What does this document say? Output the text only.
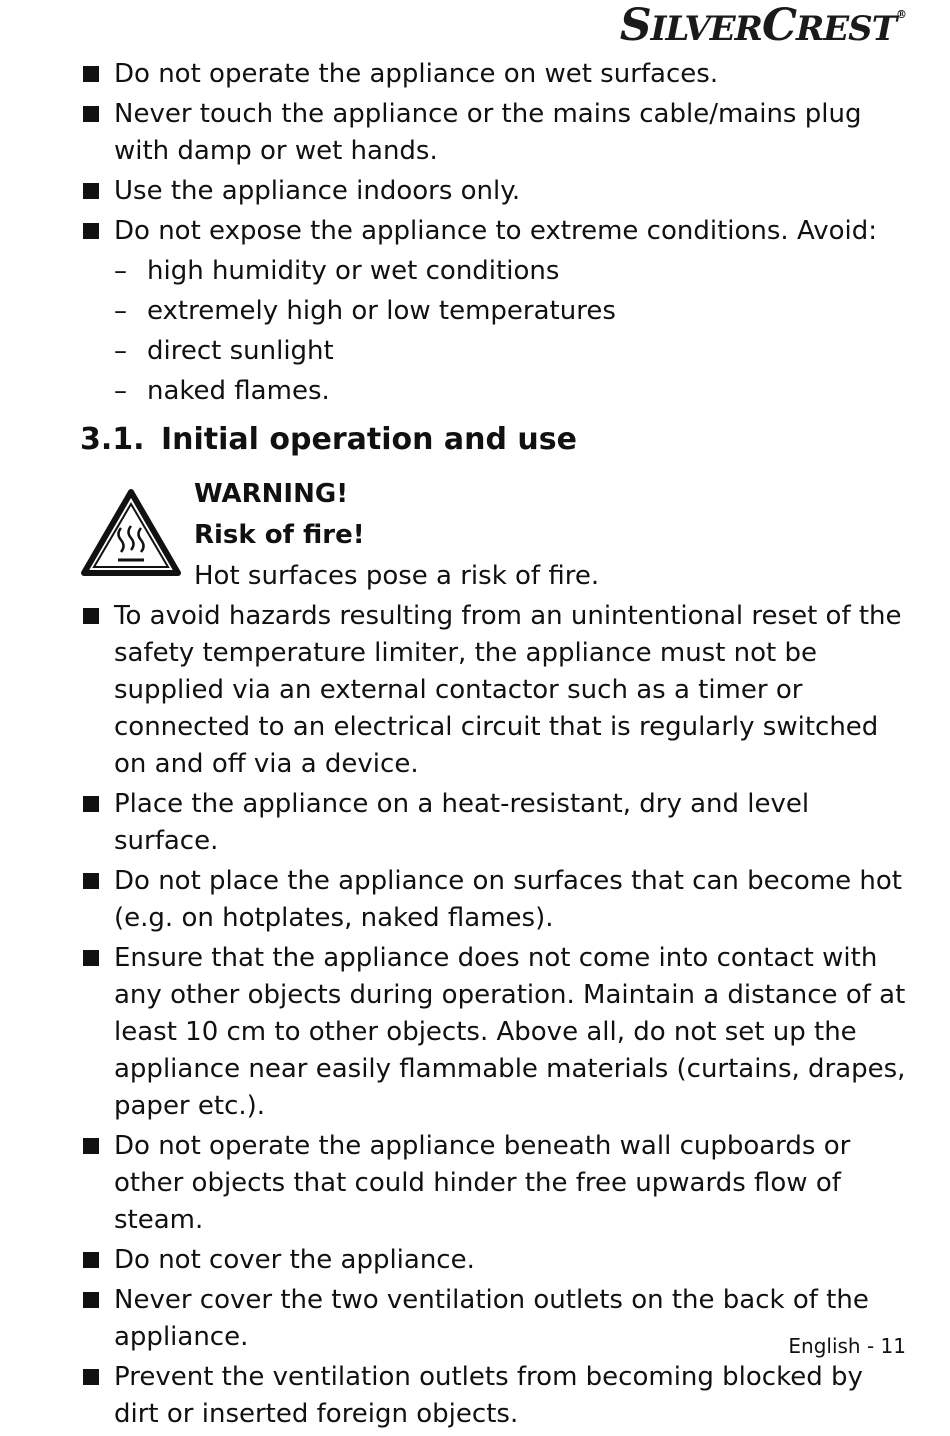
SILVERCREST®
Do not operate the appliance on wet surfaces.
Never touch the appliance or the mains cable/mains plug with damp or wet hands.
Use the appliance indoors only.
Do not expose the appliance to extreme conditions. Avoid:
– high humidity or wet conditions
– extremely high or low temperatures
– direct sunlight
– naked flames.
3.1. Initial operation and use
WARNING!
Risk of fire!
Hot surfaces pose a risk of fire.
To avoid hazards resulting from an unintentional reset of the safety temperature limiter, the appliance must not be supplied via an external contactor such as a timer or connected to an electrical circuit that is regularly switched on and off via a device.
Place the appliance on a heat-resistant, dry and level surface.
Do not place the appliance on surfaces that can become hot (e.g. on hotplates, naked flames).
Ensure that the appliance does not come into contact with any other objects during operation. Maintain a distance of at least 10 cm to other objects. Above all, do not set up the appliance near easily flammable materials (curtains, drapes, paper etc.).
Do not operate the appliance beneath wall cupboards or other objects that could hinder the free upwards flow of steam.
Do not cover the appliance.
Never cover the two ventilation outlets on the back of the appliance.
Prevent the ventilation outlets from becoming blocked by dirt or inserted foreign objects.
English - 11
